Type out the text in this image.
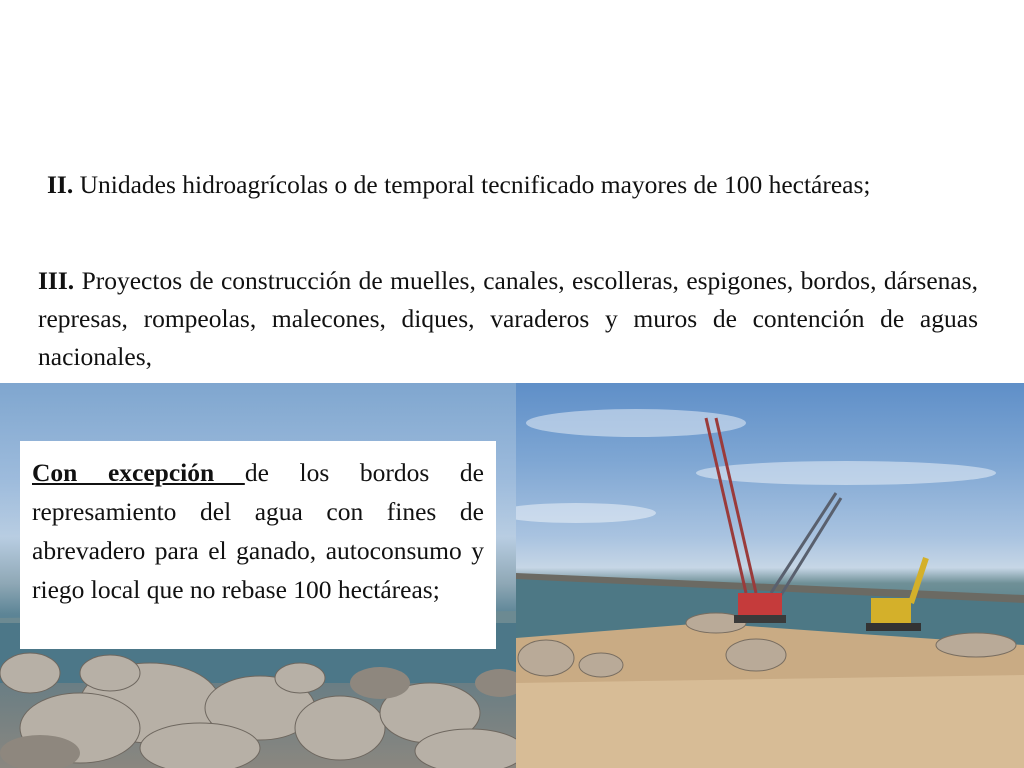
II. Unidades hidroagrícolas o de temporal tecnificado mayores de 100 hectáreas;

III. Proyectos de construcción de muelles, canales, escolleras, espigones, bordos, dársenas, represas, rompeolas, malecones, diques, varaderos y muros de contención de aguas nacionales,

Con excepción de los bordos de represamiento del agua con fines de abrevadero para el ganado, autoconsumo y riego local que no rebase 100 hectáreas;
